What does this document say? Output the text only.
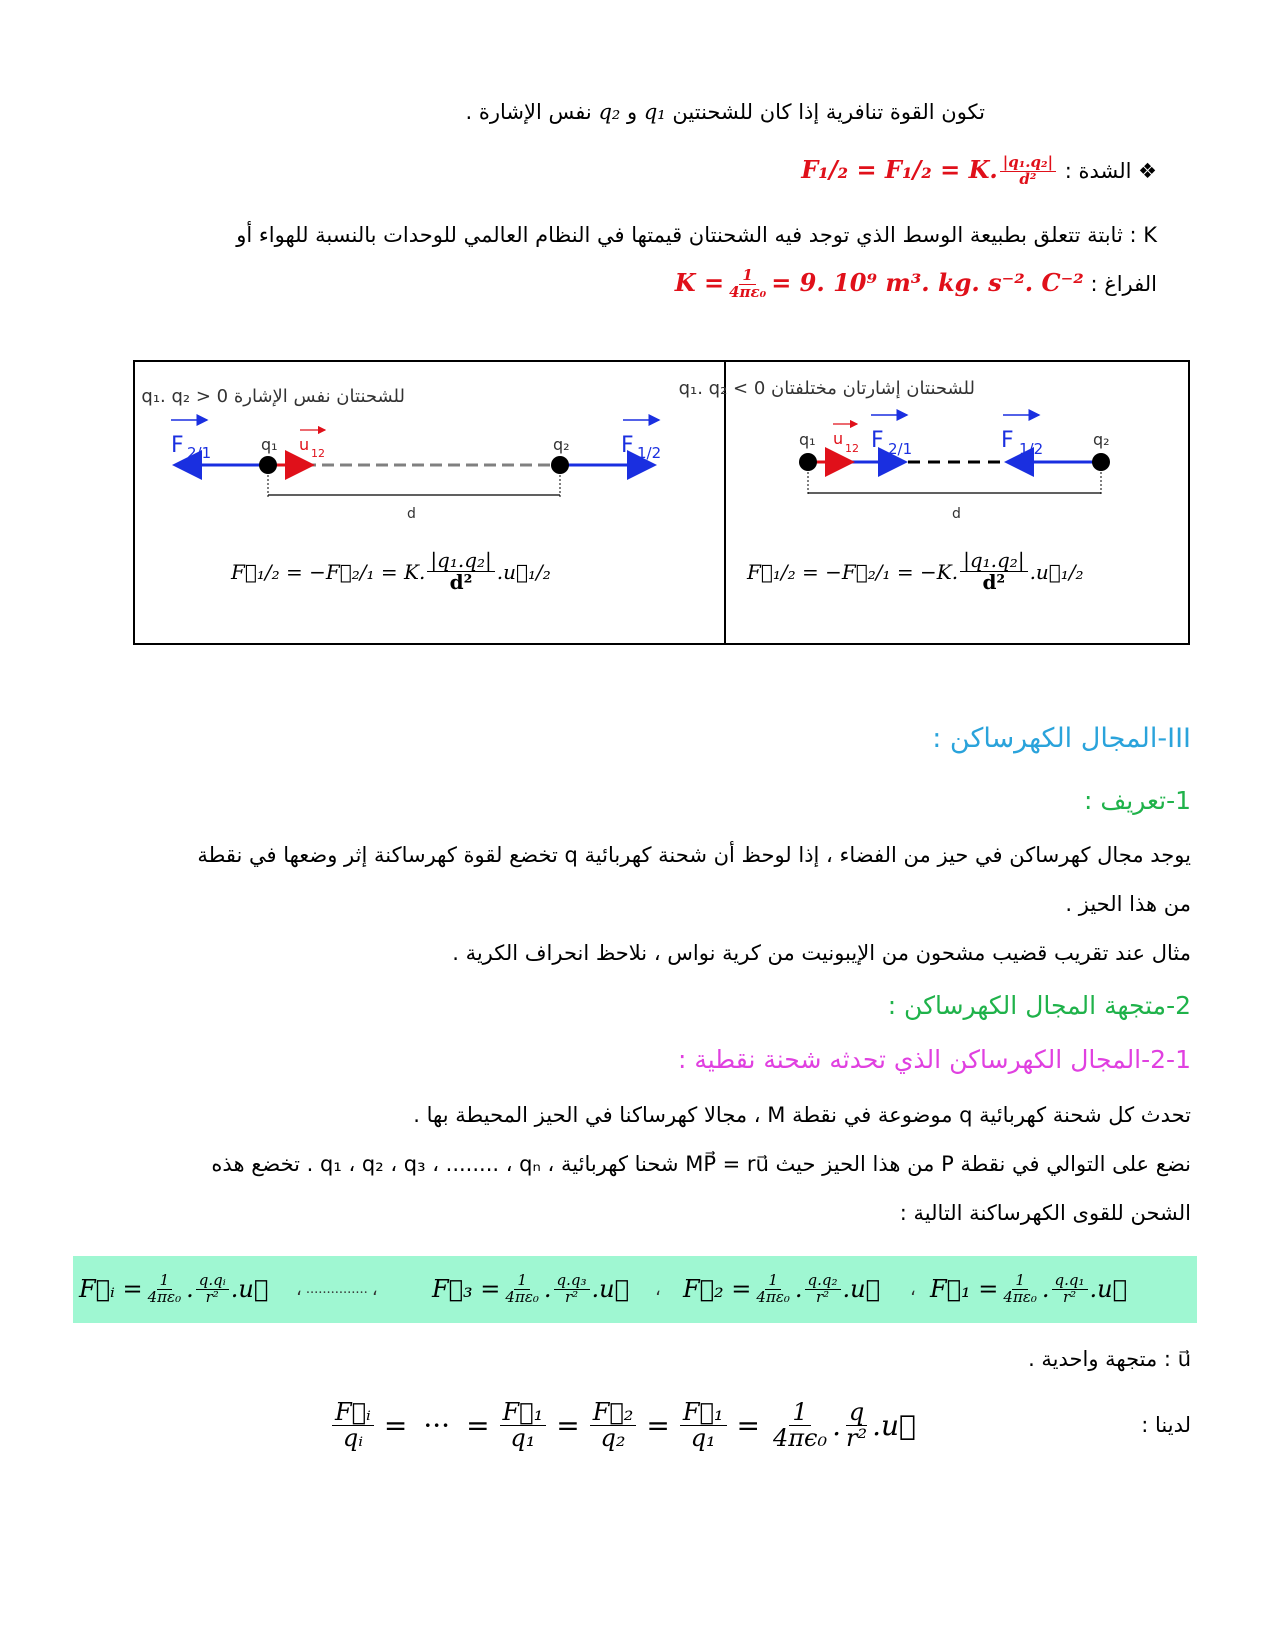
تكون القوة تنافرية إذا كان للشحنتين q₁ و q₂ نفس الإشارة .
❖ الشدة : F₁/₂ = F₁/₂ = K. $\frac{\text{|q₁.q₂|}}{\text{d²}}$
K : ثابتة تتعلق بطبيعة الوسط الذي توجد فيه الشحنتان قيمتها في النظام العالمي للوحدات بالنسبة للهواء أو
الفراغ : $K = \frac{1}{\text{4πε₀}} = 9$. 10⁹ m³. kg. s⁻². C⁻²
للشحنتان نفس الإشارة q₁. q₂ > 0
F 2/1	F 1/2
q₁	q₂
u 12
d
للشحنتان إشارتان مختلفتان q₁. q₂ < 0
F 2/1	F 1/2
q₁	q₂
u
12
d
F⃗₁/₂ = −F⃗₂/₁ = K. $\frac{\text{|q₁.q₂|}}{\text{d²}}$ .u⃗₁/₂	F⃗₁/₂ = −F⃗₂/₁ = −K. $\frac{\text{|q₁.q₂|}}{\text{d²}}$ .u⃗₁/₂
III-المجال الكهرساكن :
1-تعريف :
يوجد مجال كهرساكن في حيز من الفضاء ، إذا لوحظ أن شحنة كهربائية q تخضع لقوة كهرساكنة إثر وضعها في نقطة
من هذا الحيز .
مثال عند تقريب قضيب مشحون من الإيبونيت من كرية نواس ، نلاحظ انحراف الكرية .
2-متجهة المجال الكهرساكن :
2-1-المجال الكهرساكن الذي تحدثه شحنة نقطية :
تحدث كل شحنة كهربائية q موضوعة في نقطة M ، مجالا كهرساكنا في الحيز المحيطة بها .
نضع على التوالي في نقطة P من هذا الحيز حيث MP⃗ = ru⃗ شحنا كهربائية ، q₁ ، q₂ ، q₃ ، ........ ، qₙ . تخضع هذه
الشحن للقوى الكهرساكنة التالية :
F⃗₁ = $\frac{1}{\text{4πε₀}}$ . $\frac{\text{q.q₁}}{\text{r²}}$ .u⃗
،
F⃗₂ = $\frac{1}{\text{4πε₀}}$ . $\frac{\text{q.q₂}}{\text{r²}}$ .u⃗
،
F⃗₃ = $\frac{1}{\text{4πε₀}}$ . $\frac{\text{q.q₃}}{\text{r²}}$ .u⃗
، ............... ،
F⃗ᵢ = $\frac{1}{\text{4πε₀}}$ . $\frac{\text{q.qᵢ}}{\text{r²}}$ .u⃗
u⃗ : متجهة واحدية .
لدينا :
$\frac{\text{F⃗ᵢ}}{\text{qᵢ}}$ = ··· = $\frac{\text{F⃗₁}}{\text{q₁}} = \frac{\text{F⃗₂}}{\text{q₂}} = \frac{\text{F⃗₁}}{\text{q₁}} = \frac{1}{\text{4πϵ₀}}$ . $\frac{q}{\text{r²}}$ .u⃗
